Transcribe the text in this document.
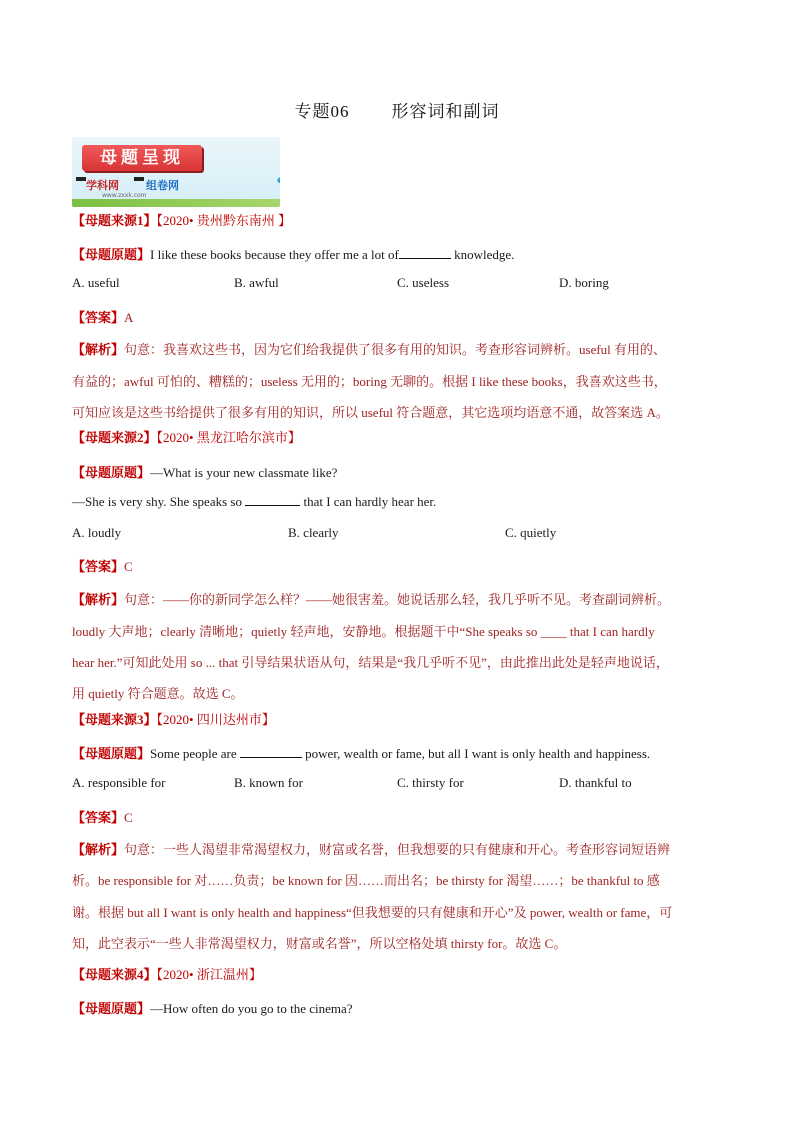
专题06 形容词和副词
母题呈现
学科网 组卷网
www.zxxk.com
【母题来源1】【2020• 贵州黔东南州 】
【母题原题】I like these books because they offer me a lot of	knowledge.
A. useful	B. awful	C. useless	D. boring
【答案】A
【解析】句意：我喜欢这些书，因为它们给我提供了很多有用的知识。考查形容词辨析。useful 有用的、
有益的；awful 可怕的、糟糕的；useless 无用的；boring 无聊的。根据 I like these books，我喜欢这些书，
可知应该是这些书给提供了很多有用的知识，所以 useful 符合题意，其它选项均语意不通，故答案选 A。
【母题来源2】【2020• 黑龙江哈尔滨市】
【母题原题】—What is your new classmate like?
—She is very shy. She speaks so	that I can hardly hear her.
A. loudly	B. clearly	C. quietly
【答案】C
【解析】句意：——你的新同学怎么样？——她很害羞。她说话那么轻，我几乎听不见。考查副词辨析。
loudly 大声地；clearly 清晰地；quietly 轻声地，安静地。根据题干中“She speaks so ____ that I can hardly
hear her.”可知此处用 so ... that 引导结果状语从句，结果是“我几乎听不见”，由此推出此处是轻声地说话，
用 quietly 符合题意。故选 C。
【母题来源3】【2020• 四川达州市】
【母题原题】Some people are	power, wealth or fame, but all I want is only health and happiness.
A. responsible for	B. known for	C. thirsty for	D. thankful to
【答案】C
【解析】句意：一些人渴望非常渴望权力，财富或名誉，但我想要的只有健康和开心。考查形容词短语辨
析。be responsible for 对……负责；be known for 因……而出名；be thirsty for 渴望……；be thankful to 感
谢。根据 but all I want is only health and happiness“但我想要的只有健康和开心”及 power, wealth or fame，可
知，此空表示“一些人非常渴望权力，财富或名誉”，所以空格处填 thirsty for。故选 C。
【母题来源4】【2020• 浙江温州】
【母题原题】—How often do you go to the cinema?
